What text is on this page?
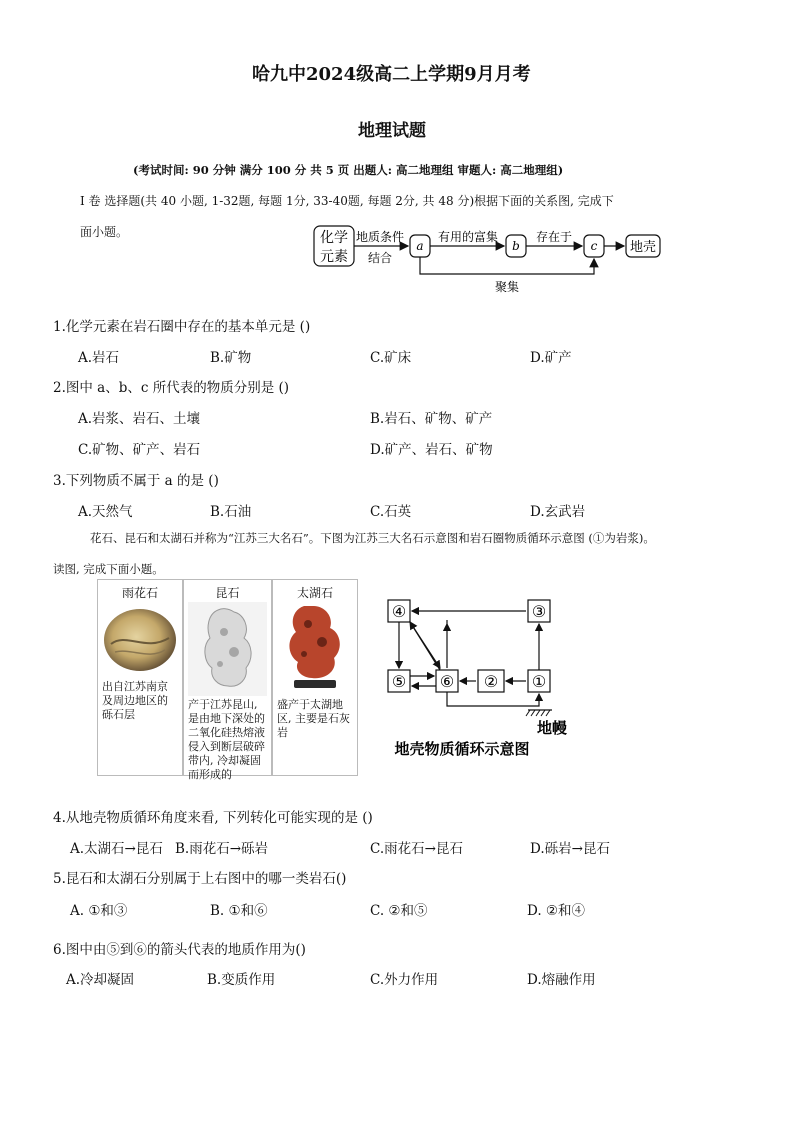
哈九中2024级高二上学期9月月考
地理试题
(考试时间: 90 分钟 满分 100 分 共 5 页 出题人: 高二地理组 审题人: 高二地理组)
I 卷 选择题(共 40 小题, 1-32题, 每题 1分, 33-40题, 每题 2分, 共 48 分)根据下面的关系图, 完成下
面小题。	化学
元素
地质条件
结合
a
有用的富集
b
存在于
c	地壳
聚集
1.化学元素在岩石圈中存在的基本单元是 ()
A.岩石	B.矿物	C.矿床	D.矿产
2.图中 a、b、c 所代表的物质分别是 ()
A.岩浆、岩石、土壤	B.岩石、矿物、矿产
C.矿物、矿产、岩石	D.矿产、岩石、矿物
3.下列物质不属于 a 的是 ()
A.天然气	B.石油	C.石英	D.玄武岩
花石、昆石和太湖石并称为“江苏三大名石”。下图为江苏三大名石示意图和岩石圈物质循环示意图 (①为岩浆)。
读图, 完成下面小题。
雨花石
出自江苏南京及周边地区的砾石层
昆石
产于江苏昆山, 是由地下深处的二氧化硅热熔液侵入到断层破碎带内, 冷却凝固而形成的
太湖石
盛产于太湖地区, 主要是石灰岩
④	③
⑤ ⑥ ② ①
地幔
地壳物质循环示意图
4.从地壳物质循环角度来看, 下列转化可能实现的是 ()
A.太湖石→昆石 B.雨花石→砾岩	C.雨花石→昆石	D.砾岩→昆石
5.昆石和太湖石分别属于上右图中的哪一类岩石()
A. ①和③	B. ①和⑥	C. ②和⑤	D. ②和④
6.图中由⑤到⑥的箭头代表的地质作用为()
A.冷却凝固	B.变质作用	C.外力作用	D.熔融作用
